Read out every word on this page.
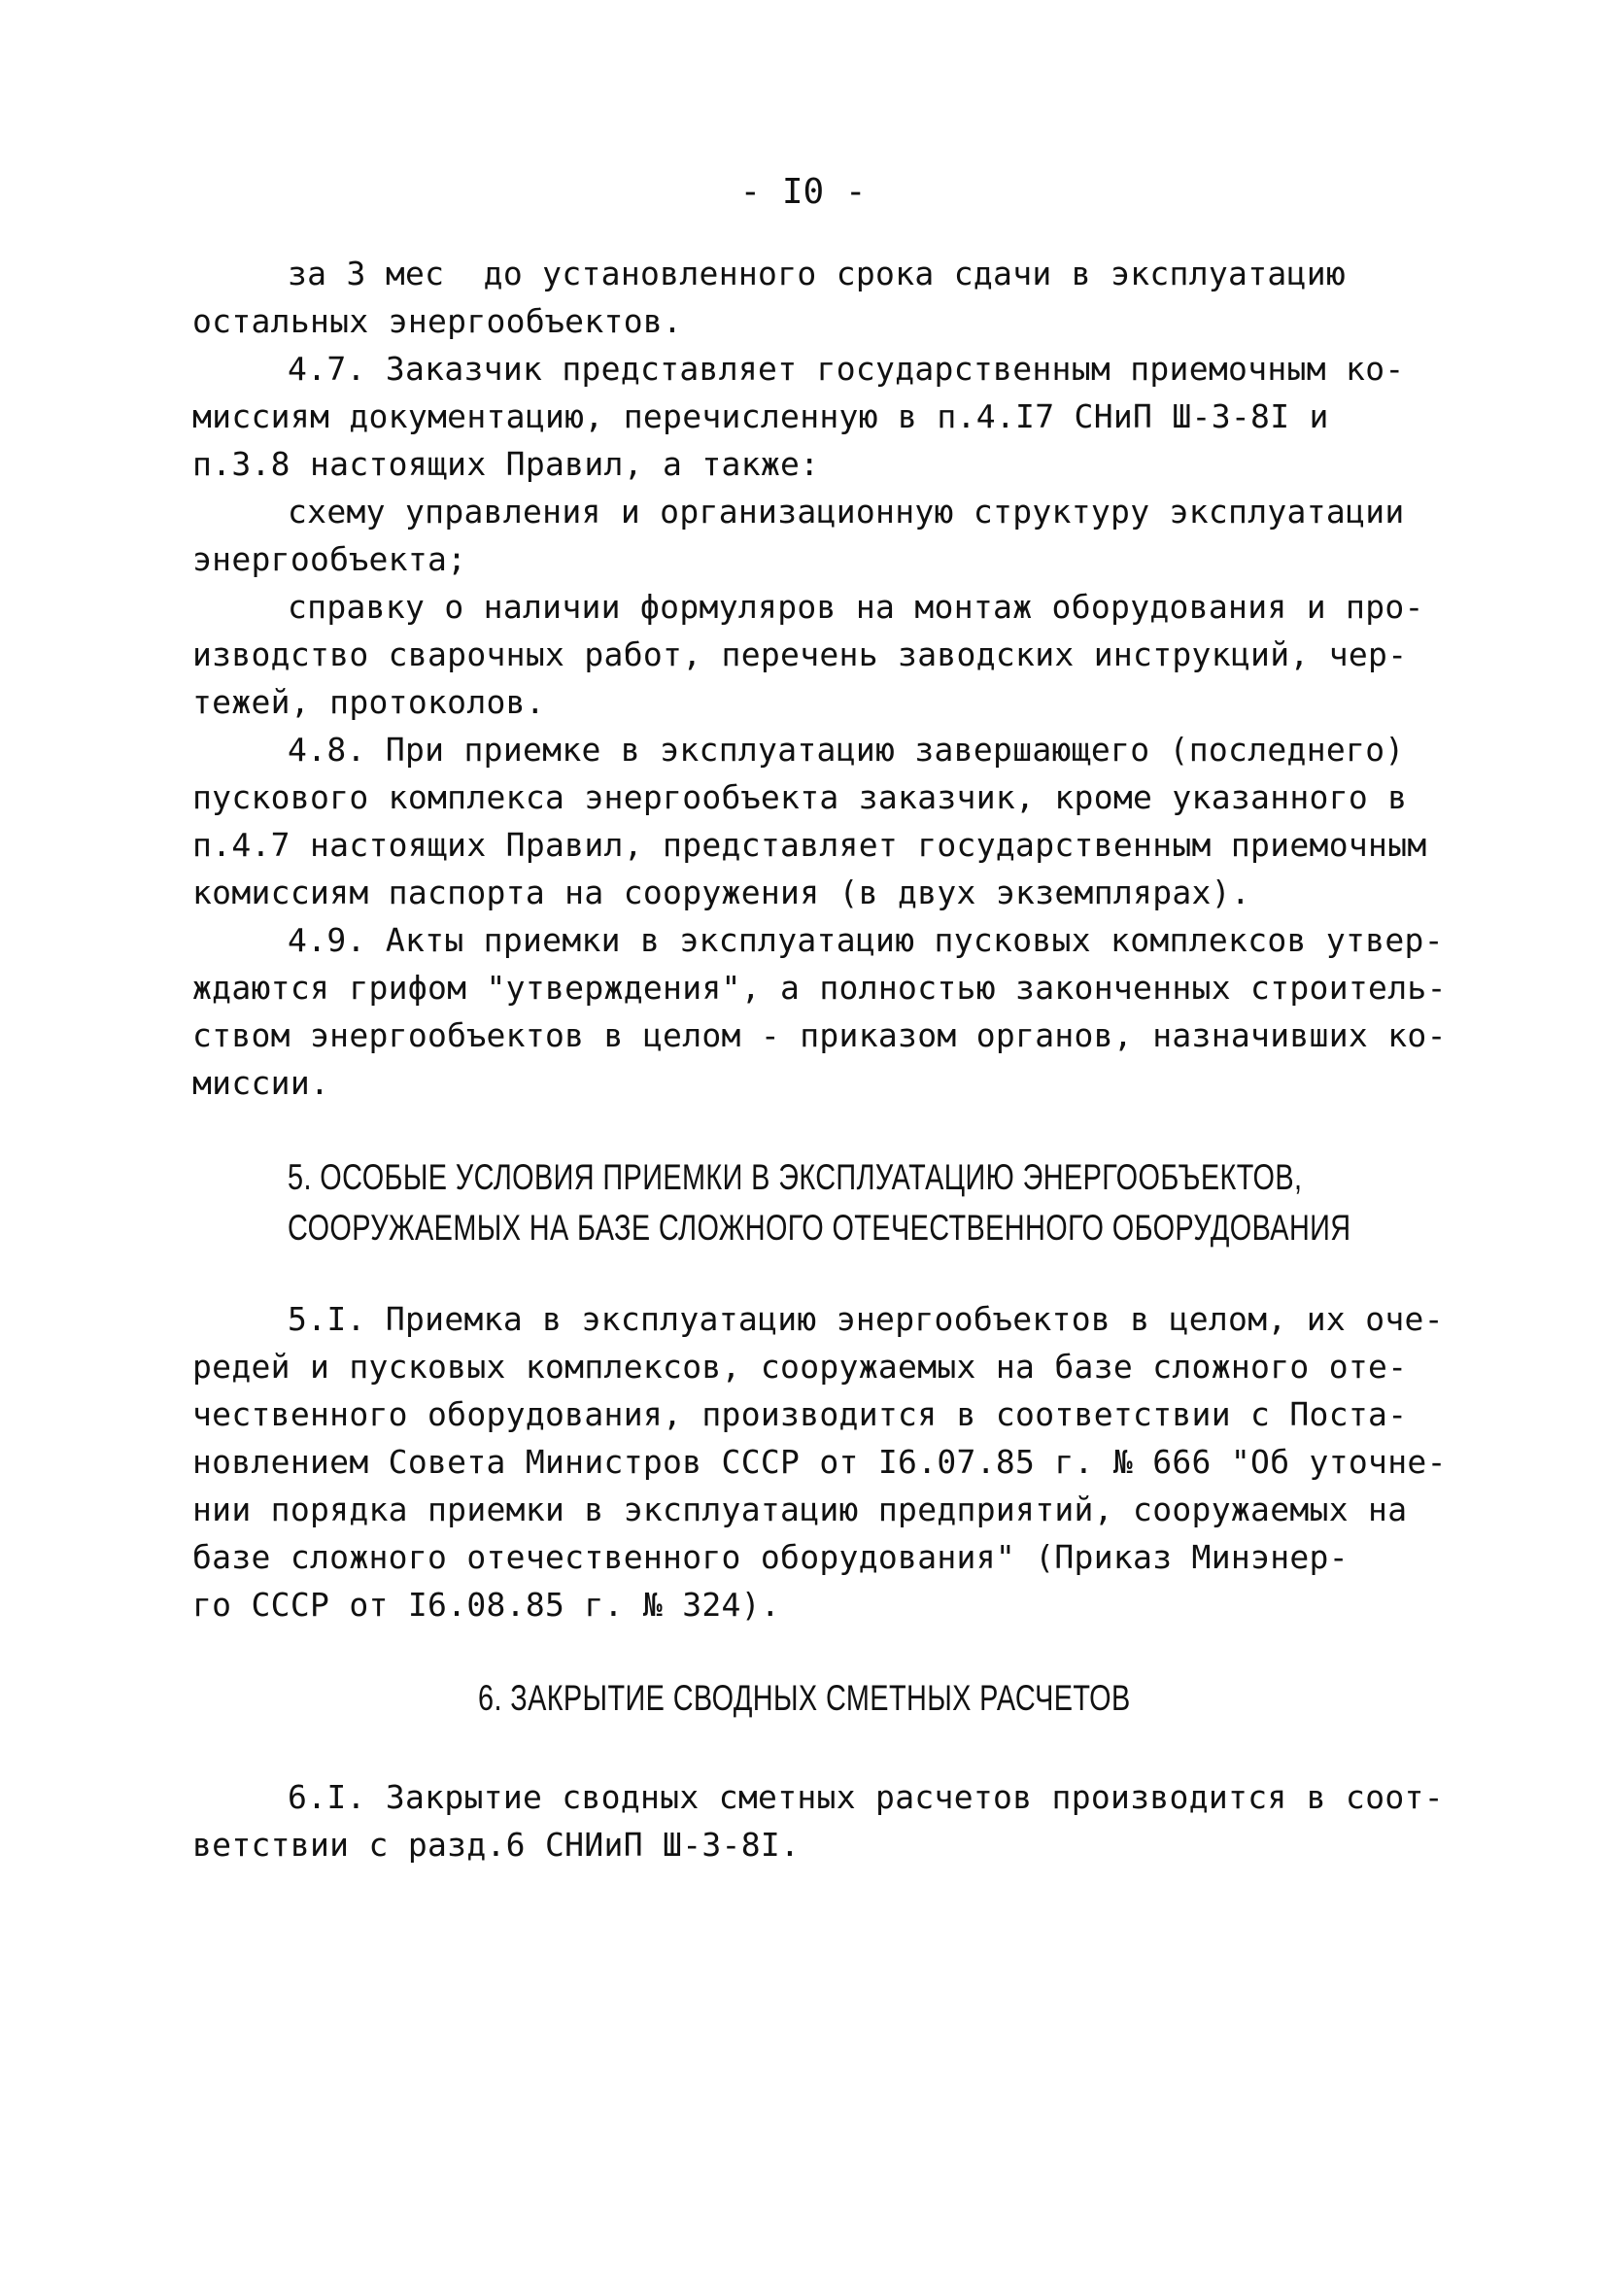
- I0 -
за 3 мес  до установленного срока сдачи в эксплуатацию
остальных энергообъектов.
4.7. Заказчик представляет государственным приемочным ко-
миссиям документацию, перечисленную в п.4.I7 СНиП Ш-3-8I и
п.3.8 настоящих Правил, а также:
схему управления и организационную структуру эксплуатации
энергообъекта;
справку о наличии формуляров на монтаж оборудования и про-
изводство сварочных работ, перечень заводских инструкций, чер-
тежей, протоколов.
4.8. При приемке в эксплуатацию завершающего (последнего)
пускового комплекса энергообъекта заказчик, кроме указанного в
п.4.7 настоящих Правил, представляет государственным приемочным
комиссиям паспорта на сооружения (в двух экземплярах).
4.9. Акты приемки в эксплуатацию пусковых комплексов утвер-
ждаются грифом "утверждения", а полностью законченных строитель-
ством энергообъектов в целом - приказом органов, назначивших ко-
миссии.
5. ОСОБЫЕ УСЛОВИЯ ПРИЕМКИ В ЭКСПЛУАТАЦИЮ ЭНЕРГООБЪЕКТОВ,
СООРУЖАЕМЫХ НА БАЗЕ СЛОЖНОГО ОТЕЧЕСТВЕННОГО ОБОРУДОВАНИЯ
5.I. Приемка в эксплуатацию энергообъектов в целом, их оче-
редей и пусковых комплексов, сооружаемых на базе сложного оте-
чественного оборудования, производится в соответствии с Поста-
новлением Совета Министров СССР от I6.07.85 г. № 666 "Об уточне-
нии порядка приемки в эксплуатацию предприятий, сооружаемых на
базе сложного отечественного оборудования" (Приказ Минэнер-
го СССР от I6.08.85 г. № 324).
6. ЗАКРЫТИЕ СВОДНЫХ СМЕТНЫХ РАСЧЕТОВ
6.I. Закрытие сводных сметных расчетов производится в соот-
ветствии с разд.6 СНИиП Ш-3-8I.
